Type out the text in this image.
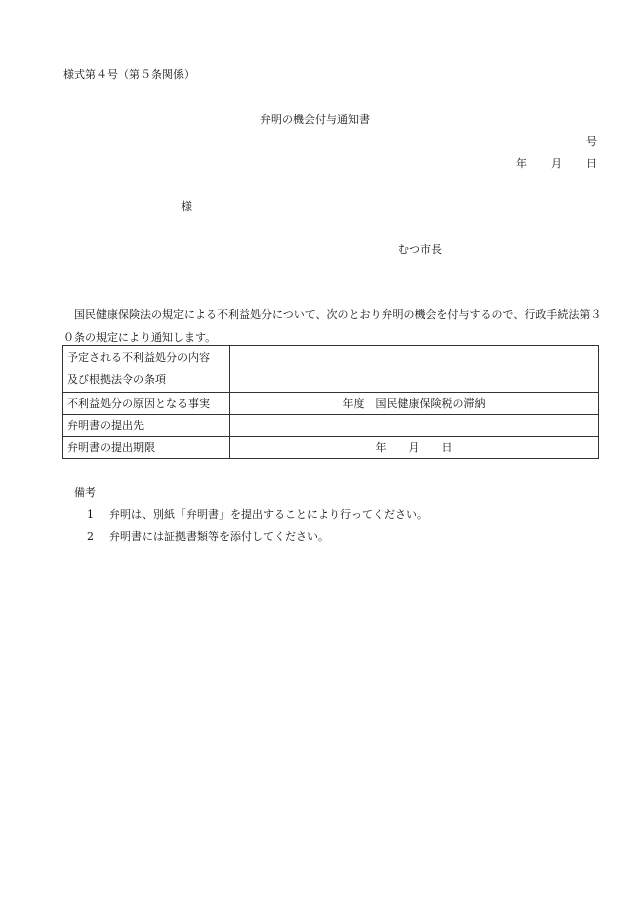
様式第４号（第５条関係）
弁明の機会付与通知書
号
年 月 日
様
むつ市長
国民健康保険法の規定による不利益処分について、次のとおり弁明の機会を付与するので、行政手続法第３０条の規定により通知します。
予定される不利益処分の内容
及び根拠法令の条項	

不利益処分の原因となる事実	年度　国民健康保険税の滞納
弁明書の提出先	
弁明書の提出期限	年　　月　　日
備考
1 弁明は、別紙「弁明書」を提出することにより行ってください。
2 弁明書には証拠書類等を添付してください。
